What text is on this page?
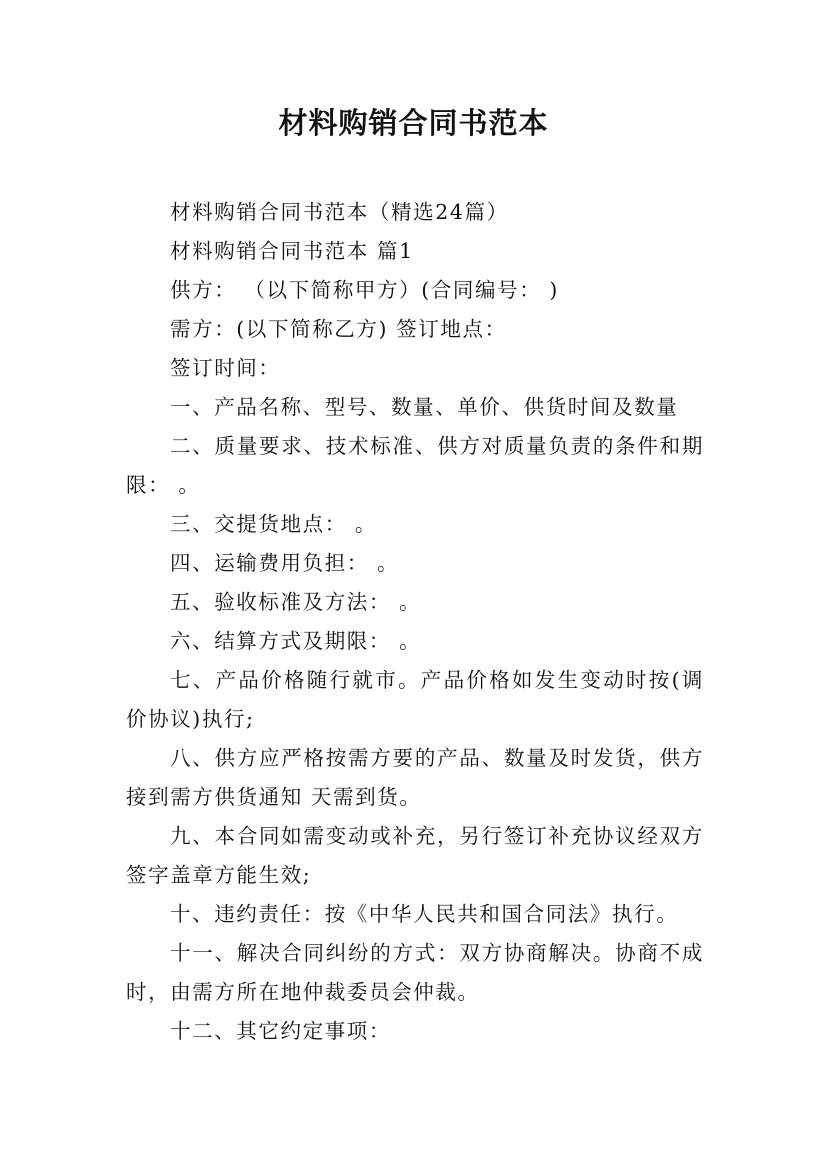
材料购销合同书范本

材料购销合同书范本（精选24篇）

材料购销合同书范本 篇1

供方： （以下简称甲方）(合同编号： )

需方：(以下简称乙方) 签订地点：

签订时间：

一、产品名称、型号、数量、单价、供货时间及数量

二、质量要求、技术标准、供方对质量负责的条件和期限： 。

三、交提货地点： 。

四、运输费用负担： 。

五、验收标准及方法： 。

六、结算方式及期限： 。

七、产品价格随行就市。产品价格如发生变动时按(调价协议)执行;

八、供方应严格按需方要的产品、数量及时发货，供方接到需方供货通知 天需到货。

九、本合同如需变动或补充，另行签订补充协议经双方签字盖章方能生效;

十、违约责任：按《中华人民共和国合同法》执行。

十一、解决合同纠纷的方式：双方协商解决。协商不成时，由需方所在地仲裁委员会仲裁。

十二、其它约定事项：
